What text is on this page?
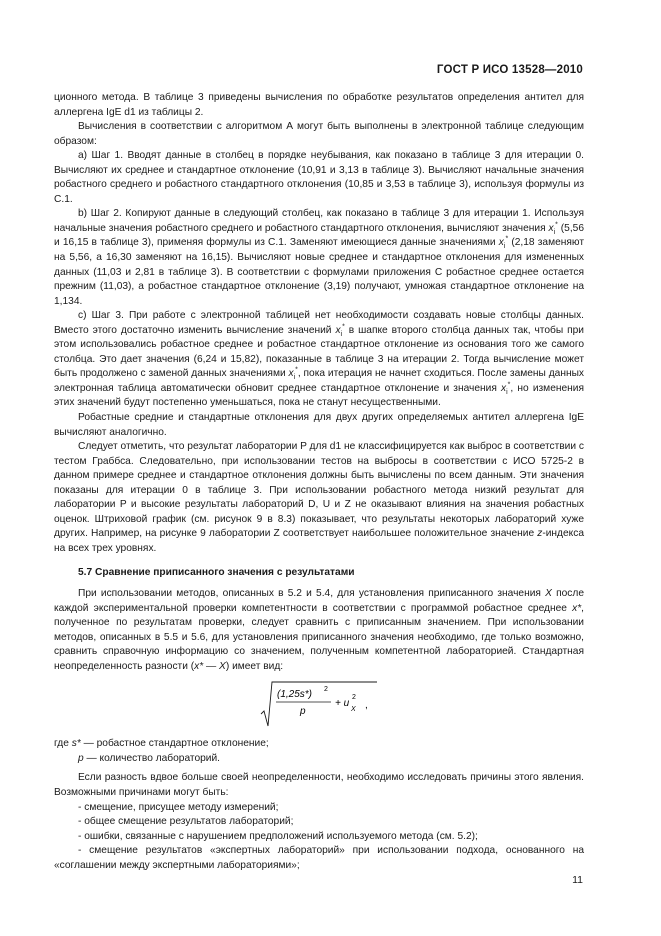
ГОСТ Р ИСО 13528—2010

ционного метода. В таблице 3 приведены вычисления по обработке результатов определения антител для аллергена IgE d1 из таблицы 2.

Вычисления в соответствии с алгоритмом А могут быть выполнены в электронной таблице следующим образом:

а) Шаг 1. Вводят данные в столбец в порядке неубывания, как показано в таблице 3 для итерации 0. Вычисляют их среднее и стандартное отклонение (10,91 и 3,13 в таблице 3). Вычисляют начальные значения робастного среднего и робастного стандартного отклонения (10,85 и 3,53 в таблице 3), используя формулы из С.1.

b) Шаг 2. Копируют данные в следующий столбец, как показано в таблице 3 для итерации 1. Используя начальные значения робастного среднего и робастного стандартного отклонения, вычисляют значения $x_i^*$ (5,56 и 16,15 в таблице 3), применяя формулы из С.1. Заменяют имеющиеся данные значениями $x_i^*$ (2,18 заменяют на 5,56, а 16,30 заменяют на 16,15). Вычисляют новые среднее и стандартное отклонения для измененных данных (11,03 и 2,81 в таблице 3). В соответствии с формулами приложения С робастное среднее остается прежним (11,03), а робастное стандартное отклонение (3,19) получают, умножая стандартное отклонение на 1,134.

с) Шаг 3. При работе с электронной таблицей нет необходимости создавать новые столбцы данных. Вместо этого достаточно изменить вычисление значений $x_i^*$ в шапке второго столбца данных так, чтобы при этом использовались робастное среднее и робастное стандартное отклонение из основания того же самого столбца. Это дает значения (6,24 и 15,82), показанные в таблице 3 на итерации 2. Тогда вычисление может быть продолжено с заменой данных значениями $x_i^*$, пока итерация не начнет сходиться. После замены данных электронная таблица автоматически обновит среднее стандартное отклонение и значения $x_i^*$, но изменения этих значений будут постепенно уменьшаться, пока не станут несущественными.

Робастные средние и стандартные отклонения для двух других определяемых антител аллергена IgE вычисляют аналогично.

Следует отметить, что результат лаборатории P для d1 не классифицируется как выброс в соответствии с тестом Граббса. Следовательно, при использовании тестов на выбросы в соответствии с ИСО 5725-2 в данном примере среднее и стандартное отклонения должны быть вычислены по всем данным. Эти значения показаны для итерации 0 в таблице 3. При использовании робастного метода низкий результат для лаборатории P и высокие результаты лабораторий D, U и Z не оказывают влияния на значения робастных оценок. Штриховой график (см. рисунок 9 в 8.3) показывает, что результаты некоторых лабораторий хуже других. Например, на рисунке 9 лаборатории Z соответствует наибольшее положительное значение z-индекса на всех трех уровнях.

5.7 Сравнение приписанного значения с результатами

При использовании методов, описанных в 5.2 и 5.4, для установления приписанного значения X после каждой экспериментальной проверки компетентности в соответствии с программой робастное среднее x*, полученное по результатам проверки, следует сравнить с приписанным значением. При использовании методов, описанных в 5.5 и 5.6, для установления приписанного значения необходимо, где только возможно, сравнить справочную информацию со значением, полученным компетентной лабораторией. Стандартная неопределенность разности (x* — X) имеет вид:

(1,25s*) 2
p
+ u
2
X ,

где s* — робастное стандартное отклонение;

p — количество лабораторий.

Если разность вдвое больше своей неопределенности, необходимо исследовать причины этого явления. Возможными причинами могут быть:

- смещение, присущее методу измерений;

- общее смещение результатов лабораторий;

- ошибки, связанные с нарушением предположений используемого метода (см. 5.2);

- смещение результатов «экспертных лабораторий» при использовании подхода, основанного на «соглашении между экспертными лабораториями»;

11
